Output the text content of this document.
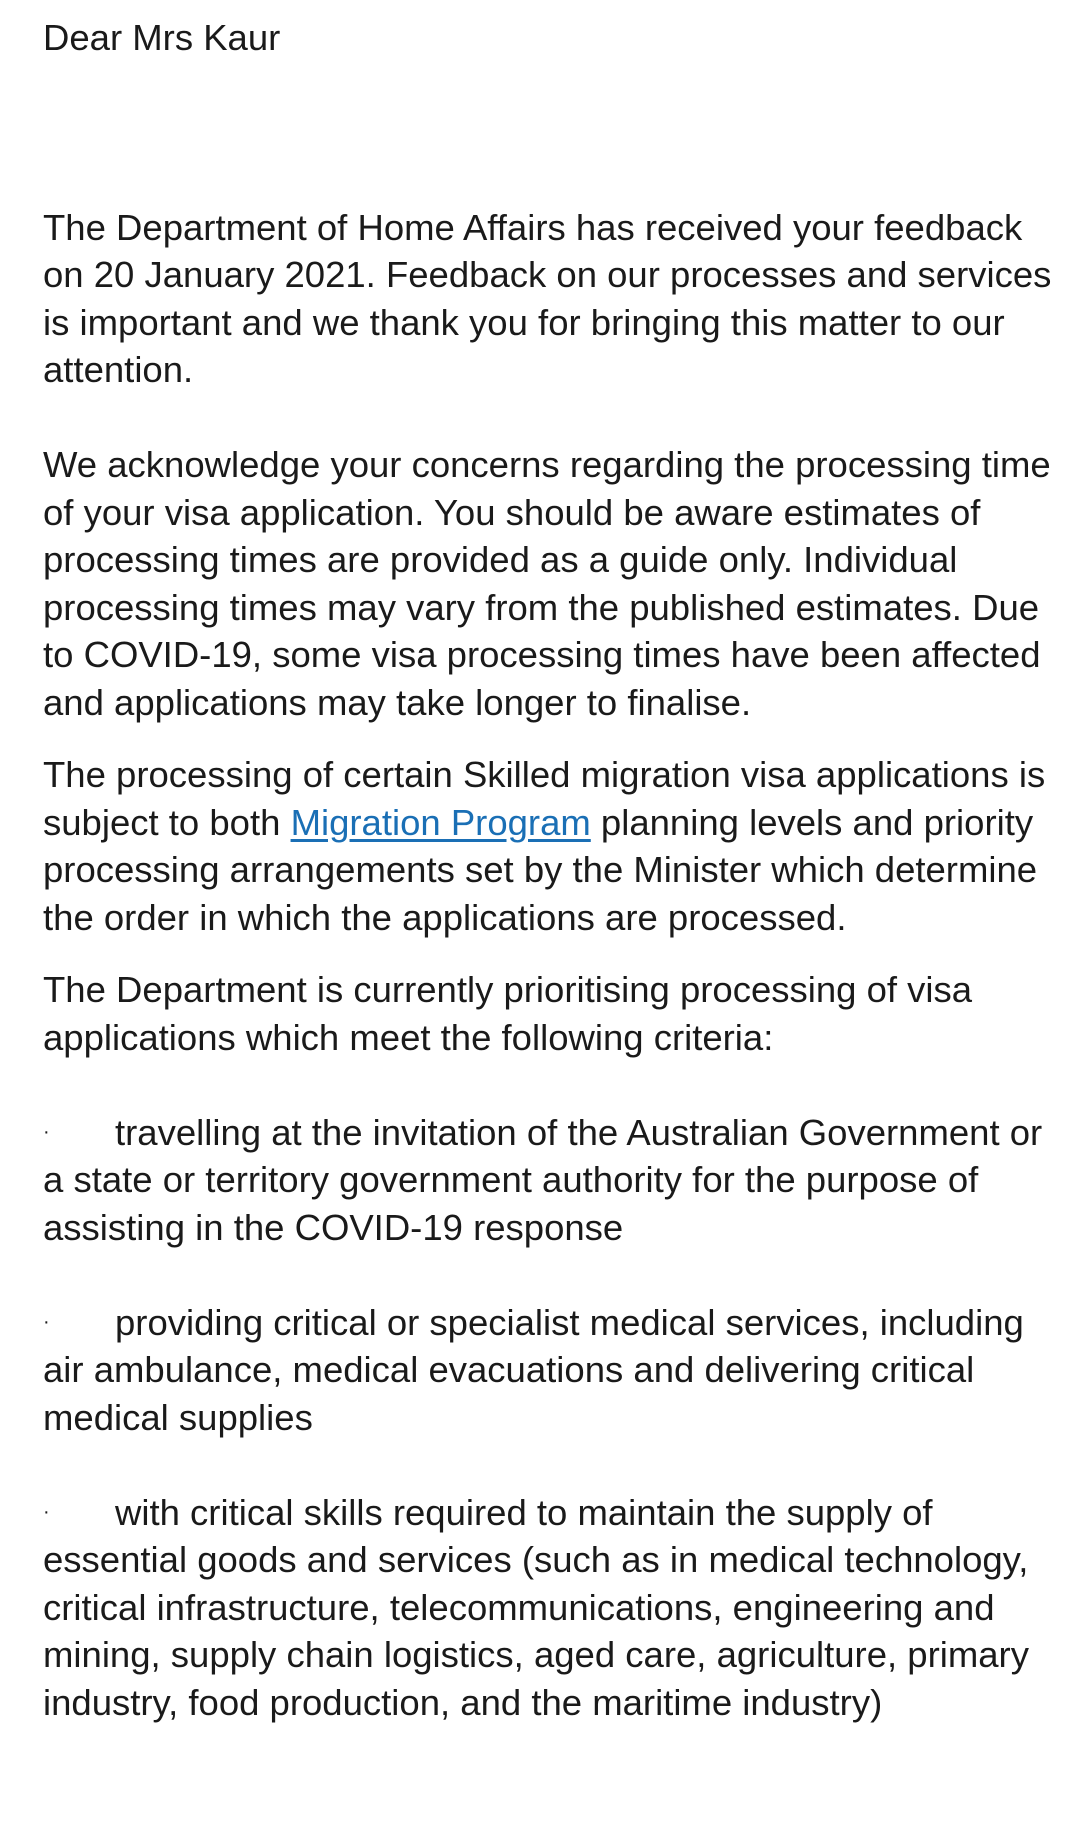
Dear Mrs Kaur

The Department of Home Affairs has received your feedback on 20 January 2021. Feedback on our processes and services is important and we thank you for bringing this matter to our attention.

We acknowledge your concerns regarding the processing time of your visa application. You should be aware estimates of processing times are provided as a guide only. Individual processing times may vary from the published estimates. Due to COVID-19, some visa processing times have been affected and applications may take longer to finalise.

The processing of certain Skilled migration visa applications is subject to both Migration Program planning levels and priority processing arrangements set by the Minister which determine the order in which the applications are processed.

The Department is currently prioritising processing of visa applications which meet the following criteria:

· travelling at the invitation of the Australian Government or a state or territory government authority for the purpose of assisting in the COVID-19 response

· providing critical or specialist medical services, including air ambulance, medical evacuations and delivering critical medical supplies

· with critical skills required to maintain the supply of essential goods and services (such as in medical technology, critical infrastructure, telecommunications, engineering and mining, supply chain logistics, aged care, agriculture, primary industry, food production, and the maritime industry)
